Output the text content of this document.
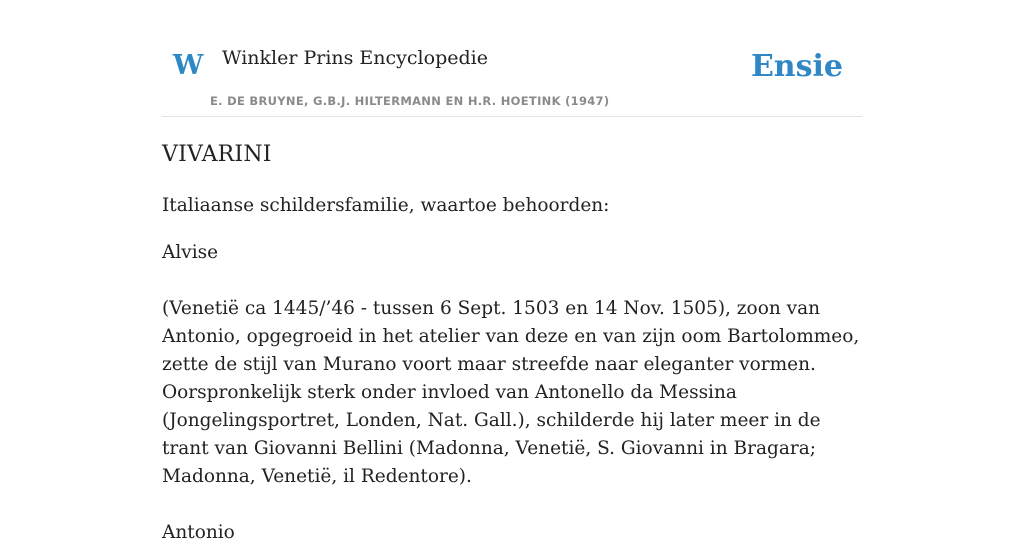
W Winkler Prins Encyclopedie
E. DE BRUYNE, G.B.J. HILTERMANN EN H.R. HOETINK (1947)
Ensie
VIVARINI

Italiaanse schildersfamilie, waartoe behoorden:

Alvise

(Venetië ca 1445/’46 - tussen 6 Sept. 1503 en 14 Nov. 1505), zoon van Antonio, opgegroeid in het atelier van deze en van zijn oom Bartolommeo, zette de stijl van Murano voort maar streefde naar eleganter vormen. Oorspronkelijk sterk onder invloed van Antonello da Messina (Jongelingsportret, Londen, Nat. Gall.), schilderde hij later meer in de trant van Giovanni Bellini (Madonna, Venetië, S. Giovanni in Bragara; Madonna, Venetië, il Redentore).

Antonio
